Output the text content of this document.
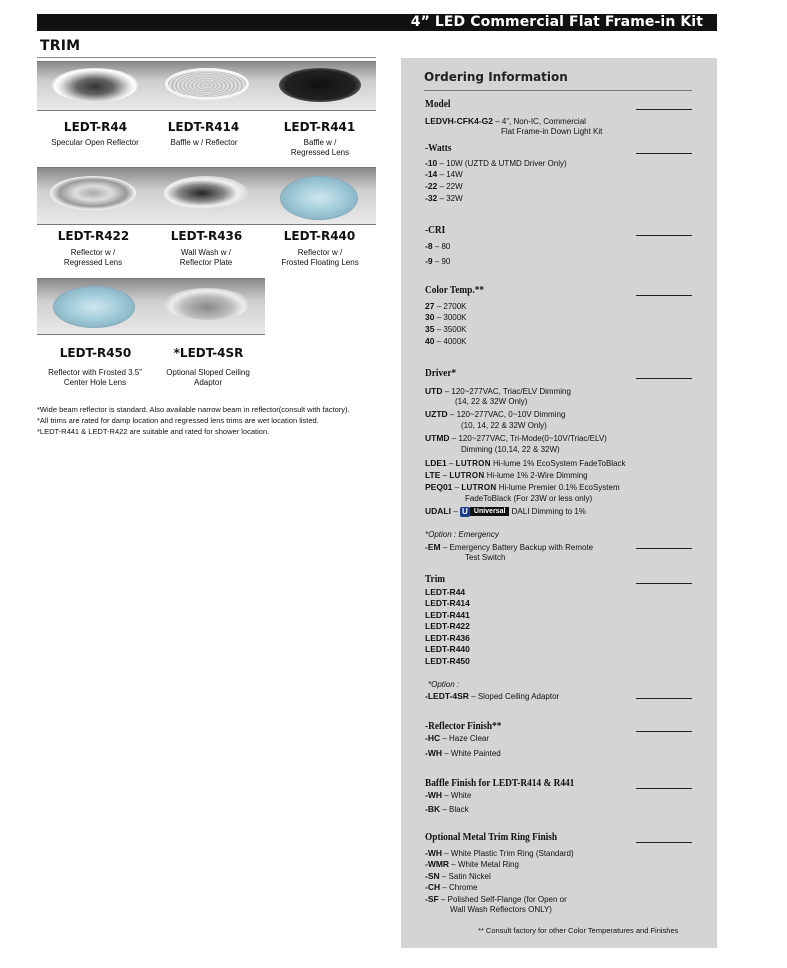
4” LED Commercial Flat Frame-in Kit
TRIM
LEDT-R44
Specular Open Reflector
LEDT-R414
Baffle w / Reflector
LEDT-R441
Baffle w /
Regressed Lens
LEDT-R422
Reflector w /
Regressed Lens
LEDT-R436
Wall Wash w /
Reflector Plate
LEDT-R440
Reflector w /
Frosted Floating Lens
LEDT-R450
Reflector with Frosted 3.5”
Center Hole Lens
*LEDT-4SR
Optional Sloped Ceiling
Adaptor
*Wide beam reflector is standard. Also available narrow beam in reflector(consult with factory).
*All trims are rated for damp location and regressed lens trims are wet location listed.
*LEDT-R441 & LEDT-R422 are suitable and rated for shower location.
Ordering Information
Model
LEDVH-CFK4-G2 – 4”, Non-IC, Commercial
Flat Frame-in Down Light Kit
-Watts
-10 – 10W (UZTD & UTMD Driver Only)
-14 – 14W
-22 – 22W
-32 – 32W
-CRI
-8 – 80
-9 – 90
Color Temp.**
27 – 2700K
30 – 3000K
35 – 3500K
40 – 4000K
Driver*
UTD – 120~277VAC, Triac/ELV Dimming
(14, 22 & 32W Only)
UZTD – 120~277VAC, 0~10V Dimming
(10, 14, 22 & 32W Only)
UTMD – 120~277VAC, Tri-Mode(0~10V/Triac/ELV)
Dimming (10,14, 22 & 32W)
LDE1 – LUTRON Hi-lume 1% EcoSystem FadeToBlack
LTE – LUTRON Hi-lume 1% 2-Wire Dimming
PEQ01 – LUTRON Hi-lume Premier 0.1% EcoSystem
FadeToBlack (For 23W or less only)
UDALI – U Universal DALI Dimming to 1%
*Option : Emergency
-EM – Emergency Battery Backup with Remote
Test Switch
Trim
LEDT-R44
LEDT-R414
LEDT-R441
LEDT-R422
LEDT-R436
LEDT-R440
LEDT-R450
*Option :
-LEDT-4SR – Sloped Ceiling Adaptor
-Reflector Finish**
-HC – Haze Clear
-WH – White Painted
Baffle Finish for LEDT-R414 & R441
-WH – White
-BK – Black
Optional Metal Trim Ring Finish
-WH – White Plastic Trim Ring (Standard)
-WMR – White Metal Ring
-SN – Satin Nickel
-CH – Chrome
-SF – Polished Self-Flange (for Open or
Wall Wash Reflectors ONLY)
** Consult factory for other Color Temperatures and Finishes
